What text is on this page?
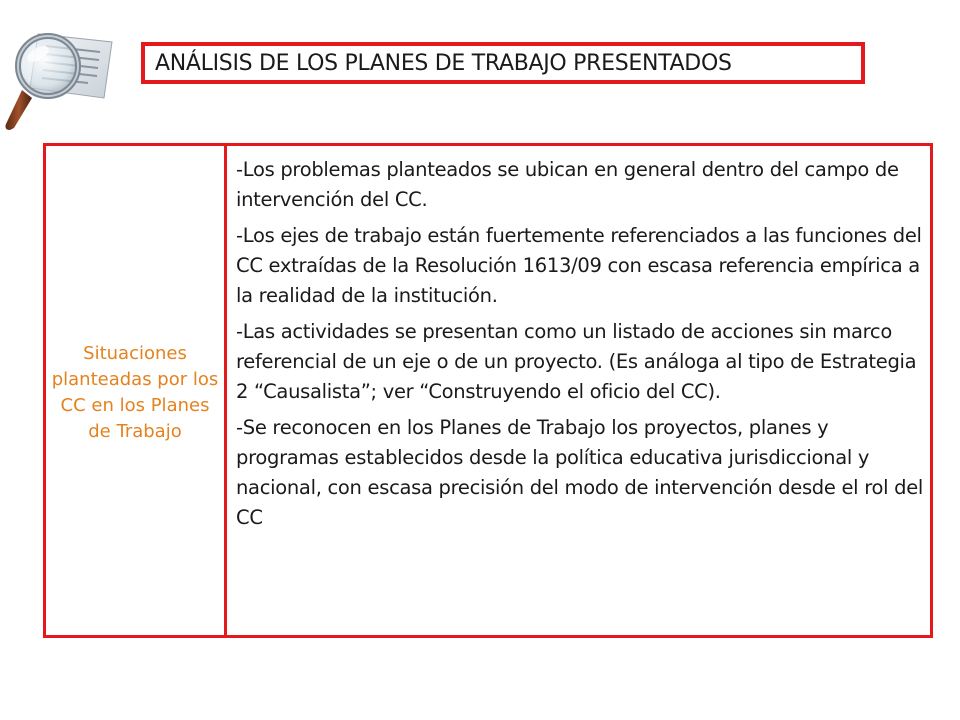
ANÁLISIS DE LOS PLANES DE TRABAJO PRESENTADOS
Situaciones planteadas por los CC en los Planes de Trabajo

-Los problemas planteados se ubican en general dentro del campo de intervención del CC.

-Los ejes de trabajo están fuertemente referenciados a las funciones del CC extraídas de la Resolución 1613/09 con escasa referencia empírica a la realidad de la institución.

-Las actividades se presentan como un listado de acciones sin marco referencial de un eje o de un proyecto. (Es análoga al tipo de Estrategia 2 “Causalista”; ver “Construyendo el oficio del CC).

-Se reconocen en los Planes de Trabajo los proyectos, planes y programas establecidos desde la política educativa jurisdiccional y nacional, con escasa precisión del modo de intervención desde el rol del CC
